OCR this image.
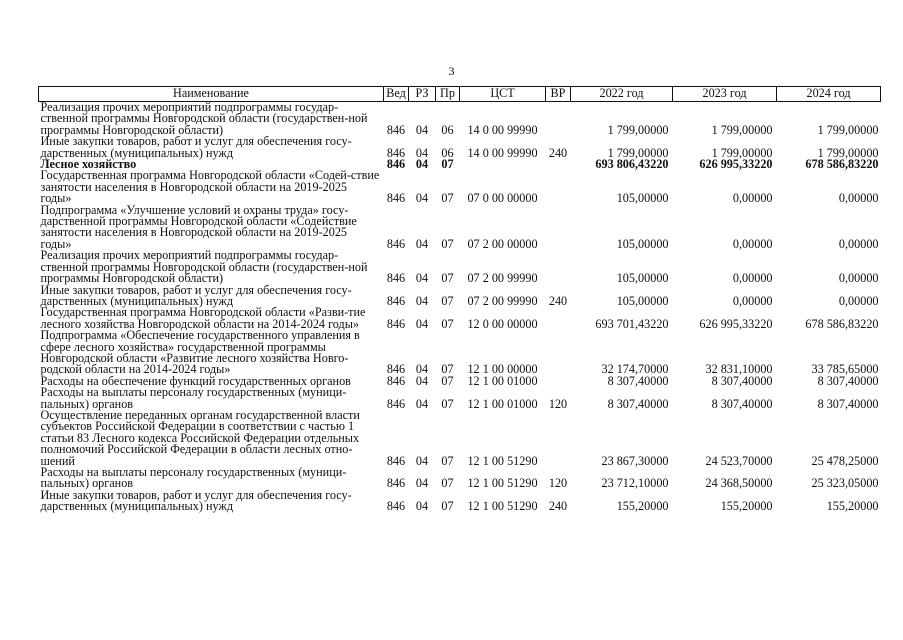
3
Наименование	Вед	РЗ	Пр	ЦСТ	ВР	2022 год	2023 год	2024 год
Реализация прочих мероприятий подпрограммы государ-ственной программы Новгородской области (государствен-ной программы Новгородской области)	846	04	06	14 0 00 99990		1 799,00000	1 799,00000	1 799,00000
Иные закупки товаров, работ и услуг для обеспечения госу-дарственных (муниципальных) нужд	846	04	06	14 0 00 99990	240	1 799,00000	1 799,00000	1 799,00000
Лесное хозяйство	846	04	07			693 806,43220	626 995,33220	678 586,83220
Государственная программа Новгородской области «Содей-ствие занятости населения в Новгородской области на 2019-2025 годы»	846	04	07	07 0 00 00000		105,00000	0,00000	0,00000
Подпрограмма «Улучшение условий и охраны труда» госу-дарственной программы Новгородской области «Содействие занятости населения в Новгородской области на 2019-2025 годы»	846	04	07	07 2 00 00000		105,00000	0,00000	0,00000
Реализация прочих мероприятий подпрограммы государ-ственной программы Новгородской области (государствен-ной программы Новгородской области)	846	04	07	07 2 00 99990		105,00000	0,00000	0,00000
Иные закупки товаров, работ и услуг для обеспечения госу-дарственных (муниципальных) нужд	846	04	07	07 2 00 99990	240	105,00000	0,00000	0,00000
Государственная программа Новгородской области «Разви-тие лесного хозяйства Новгородской области на 2014-2024 годы»	846	04	07	12 0 00 00000		693 701,43220	626 995,33220	678 586,83220
Подпрограмма «Обеспечение государственного управления в сфере лесного хозяйства» государственной программы Новгородской области «Развитие лесного хозяйства Новго-родской области на 2014-2024 годы»	846	04	07	12 1 00 00000		32 174,70000	32 831,10000	33 785,65000
Расходы на обеспечение функций государственных органов	846	04	07	12 1 00 01000		8 307,40000	8 307,40000	8 307,40000
Расходы на выплаты персоналу государственных (муници-пальных) органов	846	04	07	12 1 00 01000	120	8 307,40000	8 307,40000	8 307,40000
Осуществление переданных органам государственной власти субъектов Российской Федерации в соответствии с частью 1 статьи 83 Лесного кодекса Российской Федерации отдельных полномочий Российской Федерации в области лесных отно-шений	846	04	07	12 1 00 51290		23 867,30000	24 523,70000	25 478,25000
Расходы на выплаты персоналу государственных (муници-пальных) органов	846	04	07	12 1 00 51290	120	23 712,10000	24 368,50000	25 323,05000
Иные закупки товаров, работ и услуг для обеспечения госу-дарственных (муниципальных) нужд	846	04	07	12 1 00 51290	240	155,20000	155,20000	155,20000
